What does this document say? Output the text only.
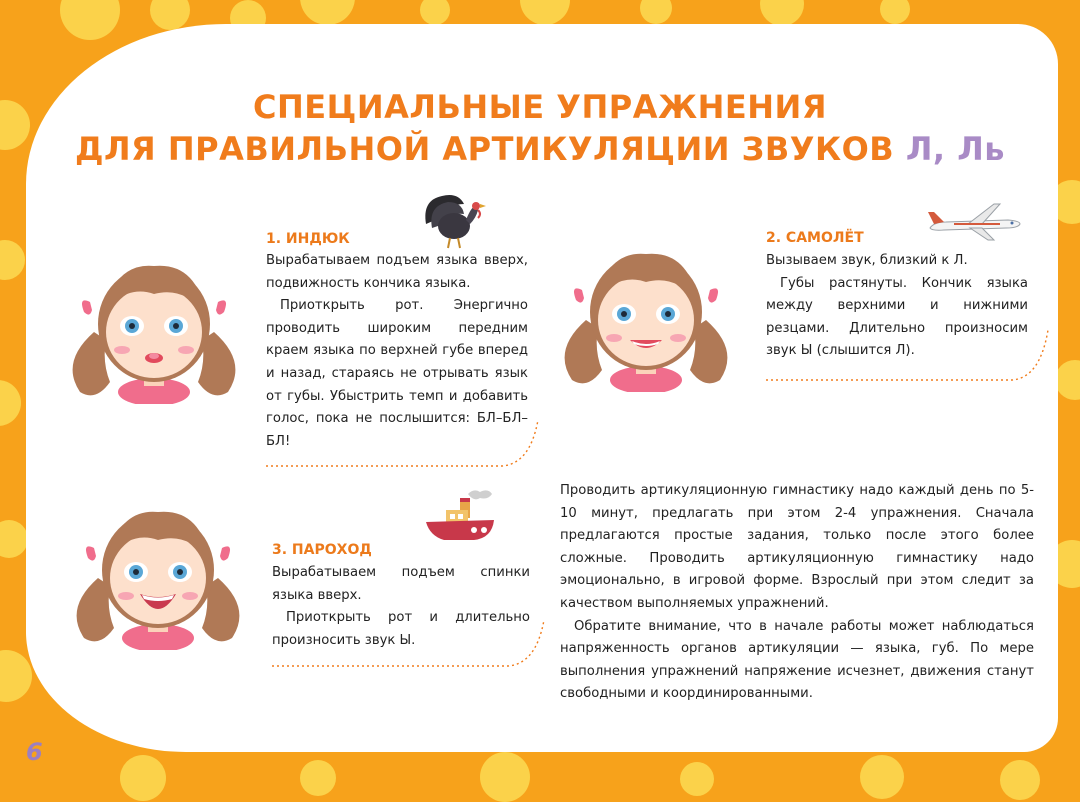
СПЕЦИАЛЬНЫЕ УПРАЖНЕНИЯ
ДЛЯ ПРАВИЛЬНОЙ АРТИКУЛЯЦИИ ЗВУКОВ Л, Ль
1. ИНДЮК

Вырабатываем подъем языка вверх, подвижность кончика языка.

Приоткрыть рот. Энергично проводить широким передним краем языка по верхней губе вперед и назад, стараясь не отрывать язык от губы. Убыстрить темп и добавить голос, пока не послышится: БЛ–БЛ–БЛ!

2. САМОЛЁТ

Вызываем звук, близкий к Л.

Губы растянуты. Кончик языка между верхними и нижними резцами. Длительно произносим звук Ы (слышится Л).

3. ПАРОХОД

Вырабатываем подъем спинки языка вверх.

Приоткрыть рот и длительно произносить звук Ы.

Проводить артикуляционную гимнастику надо каждый день по 5-10 минут, предлагать при этом 2-4 упражнения. Сначала предлагаются простые задания, только после этого более сложные. Проводить артикуляционную гимнастику надо эмоционально, в игровой форме. Взрослый при этом следит за качеством выполняемых упражнений.

Обратите внимание, что в начале работы может наблюдаться напряженность органов артикуляции — языка, губ. По мере выполнения упражнений напряжение исчезнет, движения станут свободными и координированными.

6
